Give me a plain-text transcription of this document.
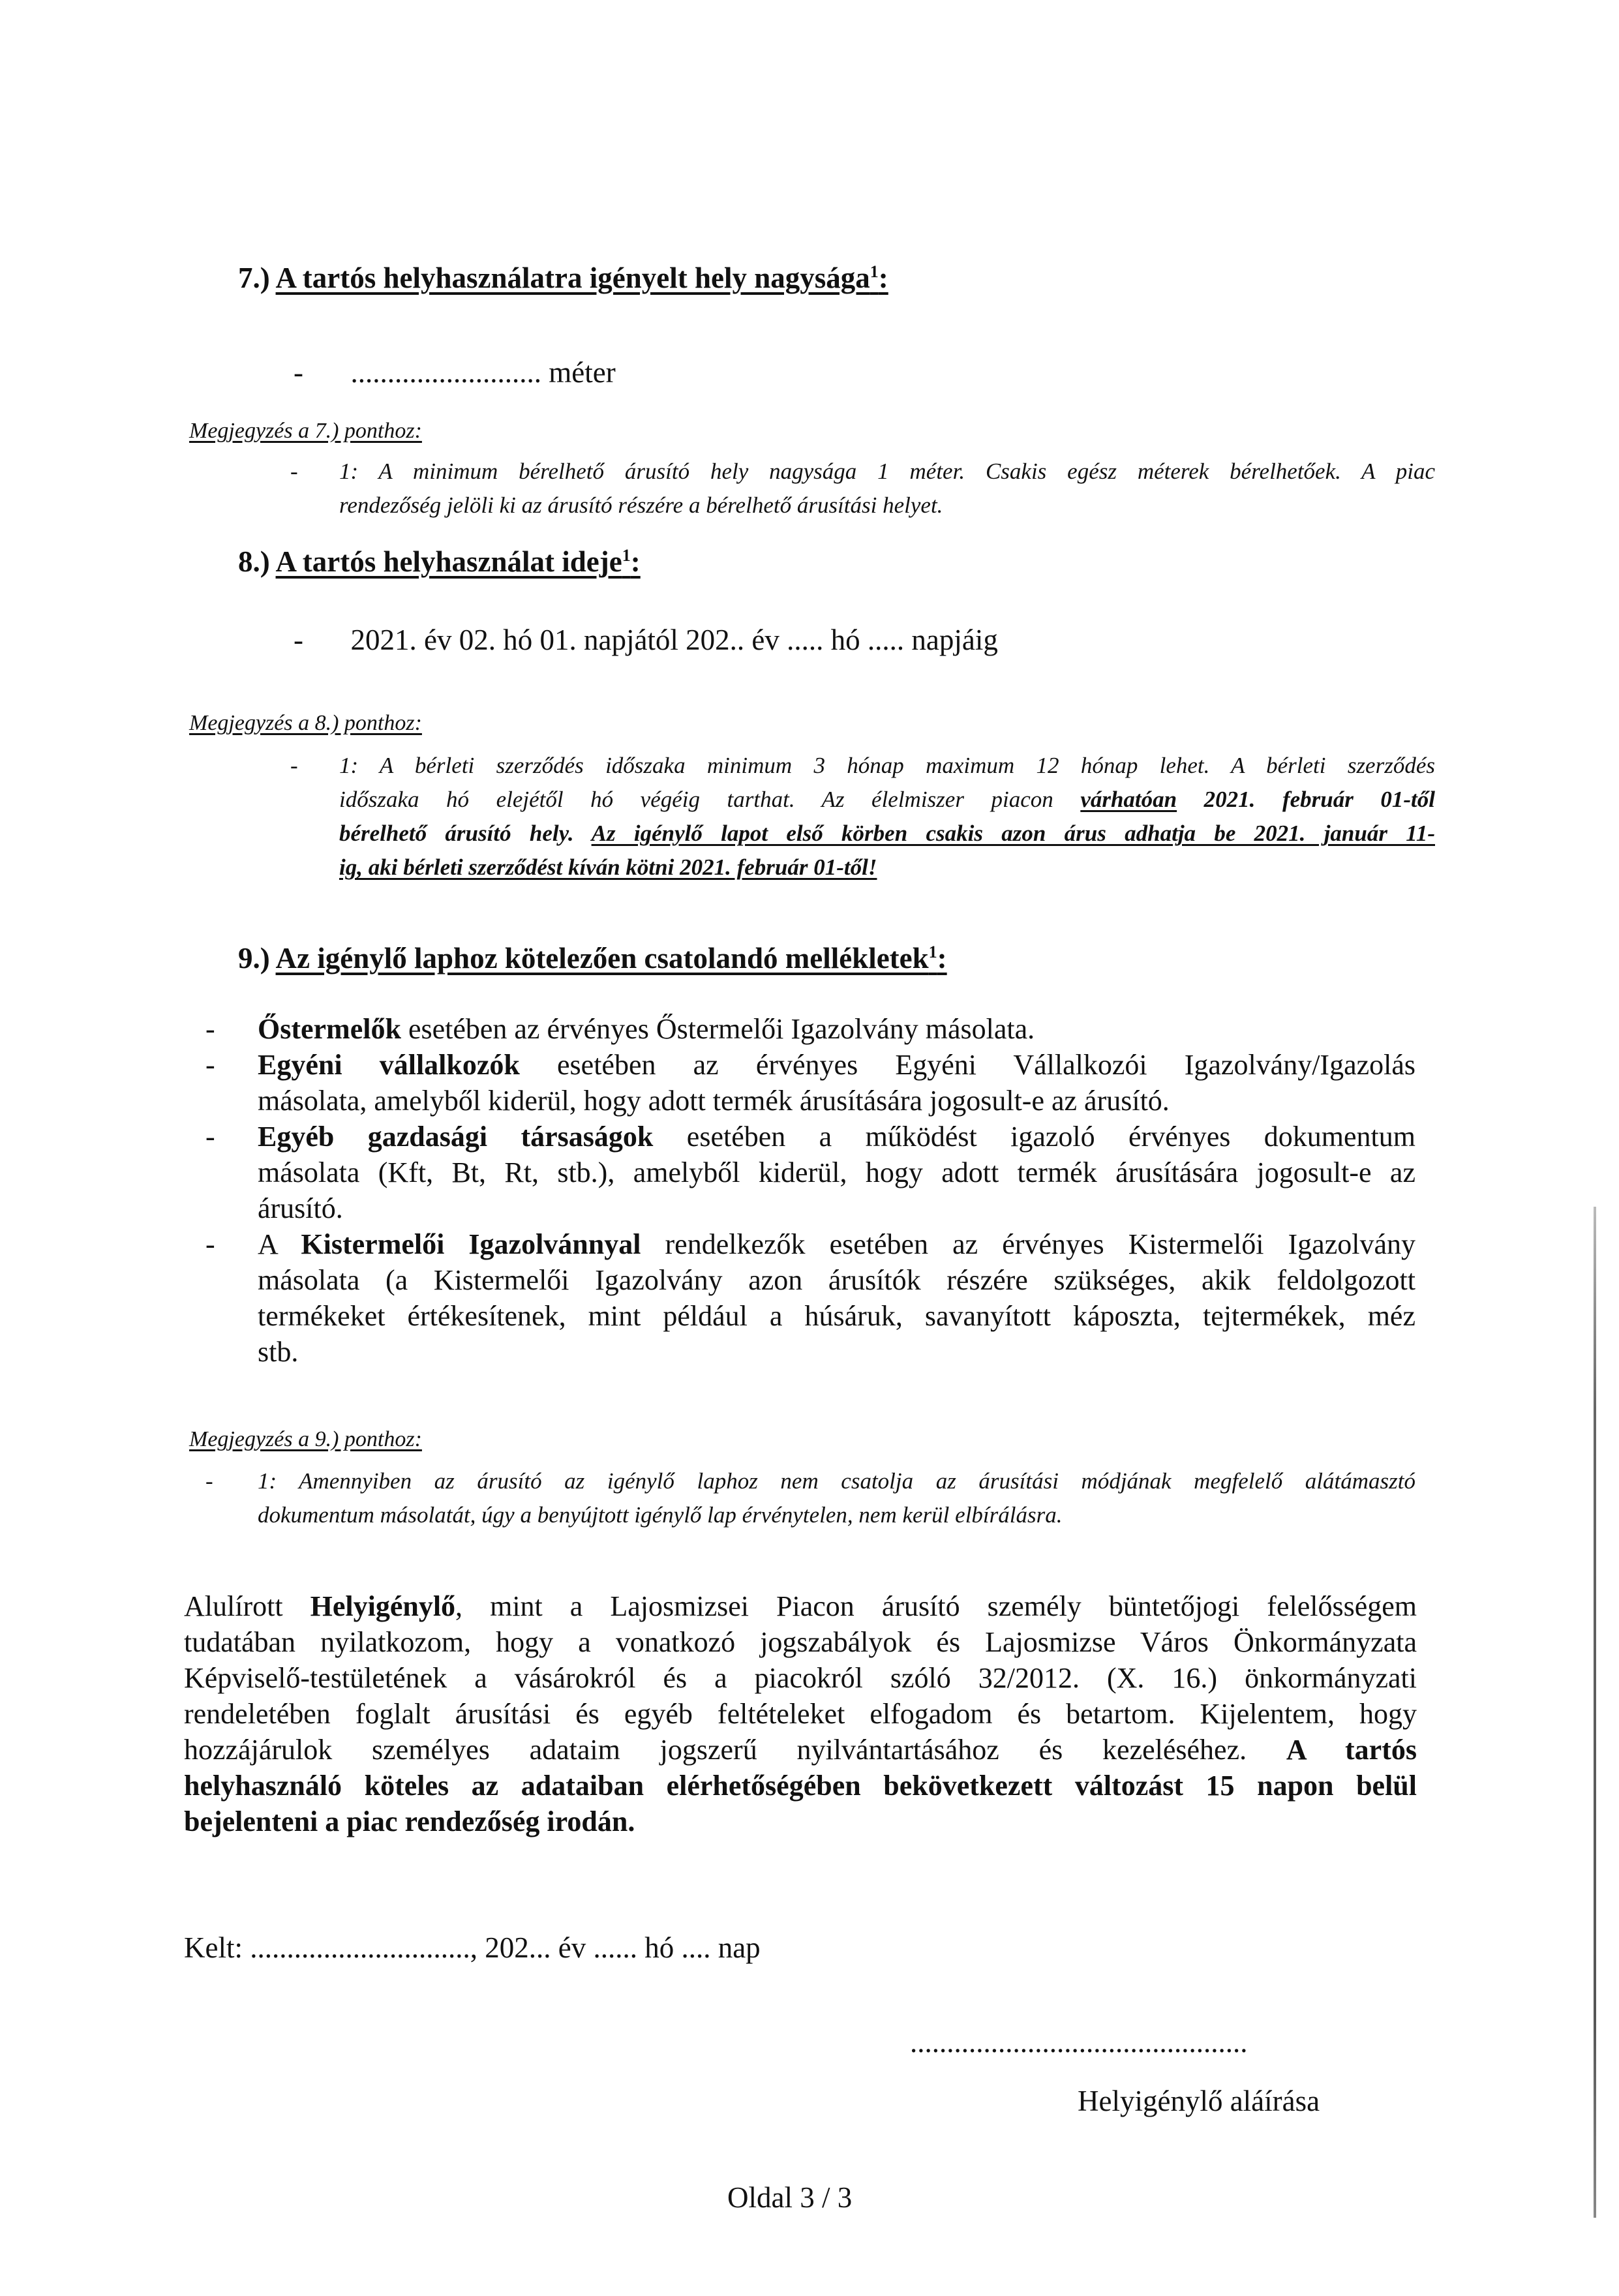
7.) A tartós helyhasználatra igényelt hely nagysága$^1$:
- .......................... méter
Megjegyzés a 7.) ponthoz:
- 1: A minimum bérelhető árusító hely nagysága 1 méter. Csakis egész méterek bérelhetőek. A piac
rendezőség jelöli ki az árusító részére a bérelhető árusítási helyet.
8.) A tartós helyhasználat ideje$^1$:
- 2021. év 02. hó 01. napjától 202.. év ..... hó ..... napjáig
Megjegyzés a 8.) ponthoz:
- 1: A bérleti szerződés időszaka minimum 3 hónap maximum 12 hónap lehet. A bérleti szerződés
időszaka hó elejétől hó végéig tarthat. Az élelmiszer piacon várhatóan 2021. február 01-től
bérelhető árusító hely. Az igénylő lapot első körben csakis azon árus adhatja be 2021. január 11-
ig, aki bérleti szerződést kíván kötni 2021. február 01-től!
9.) Az igénylő laphoz kötelezően csatolandó mellékletek$^1$:
- Őstermelők esetében az érvényes Őstermelői Igazolvány másolata.
- Egyéni vállalkozók esetében az érvényes Egyéni Vállalkozói Igazolvány/Igazolás
másolata, amelyből kiderül, hogy adott termék árusítására jogosult-e az árusító.
- Egyéb gazdasági társaságok esetében a működést igazoló érvényes dokumentum
másolata (Kft, Bt, Rt, stb.), amelyből kiderül, hogy adott termék árusítására jogosult-e az
árusító.
- A Kistermelői Igazolvánnyal rendelkezők esetében az érvényes Kistermelői Igazolvány
másolata (a Kistermelői Igazolvány azon árusítók részére szükséges, akik feldolgozott
termékeket értékesítenek, mint például a húsáruk, savanyított káposzta, tejtermékek, méz
stb.
Megjegyzés a 9.) ponthoz:
- 1: Amennyiben az árusító az igénylő laphoz nem csatolja az árusítási módjának megfelelő alátámasztó
dokumentum másolatát, úgy a benyújtott igénylő lap érvénytelen, nem kerül elbírálásra.
Alulírott Helyigénylő, mint a Lajosmizsei Piacon árusító személy büntetőjogi felelősségem
tudatában nyilatkozom, hogy a vonatkozó jogszabályok és Lajosmizse Város Önkormányzata
Képviselő-testületének a vásárokról és a piacokról szóló 32/2012. (X. 16.) önkormányzati
rendeletében foglalt árusítási és egyéb feltételeket elfogadom és betartom. Kijelentem, hogy
hozzájárulok személyes adataim jogszerű nyilvántartásához és kezeléséhez. A tartós
helyhasználó köteles az adataiban elérhetőségében bekövetkezett változást 15 napon belül
bejelenteni a piac rendezőség irodán.
Kelt: .............................., 202... év ...... hó .... nap
..............................................
Helyigénylő aláírása
Oldal 3 / 3
